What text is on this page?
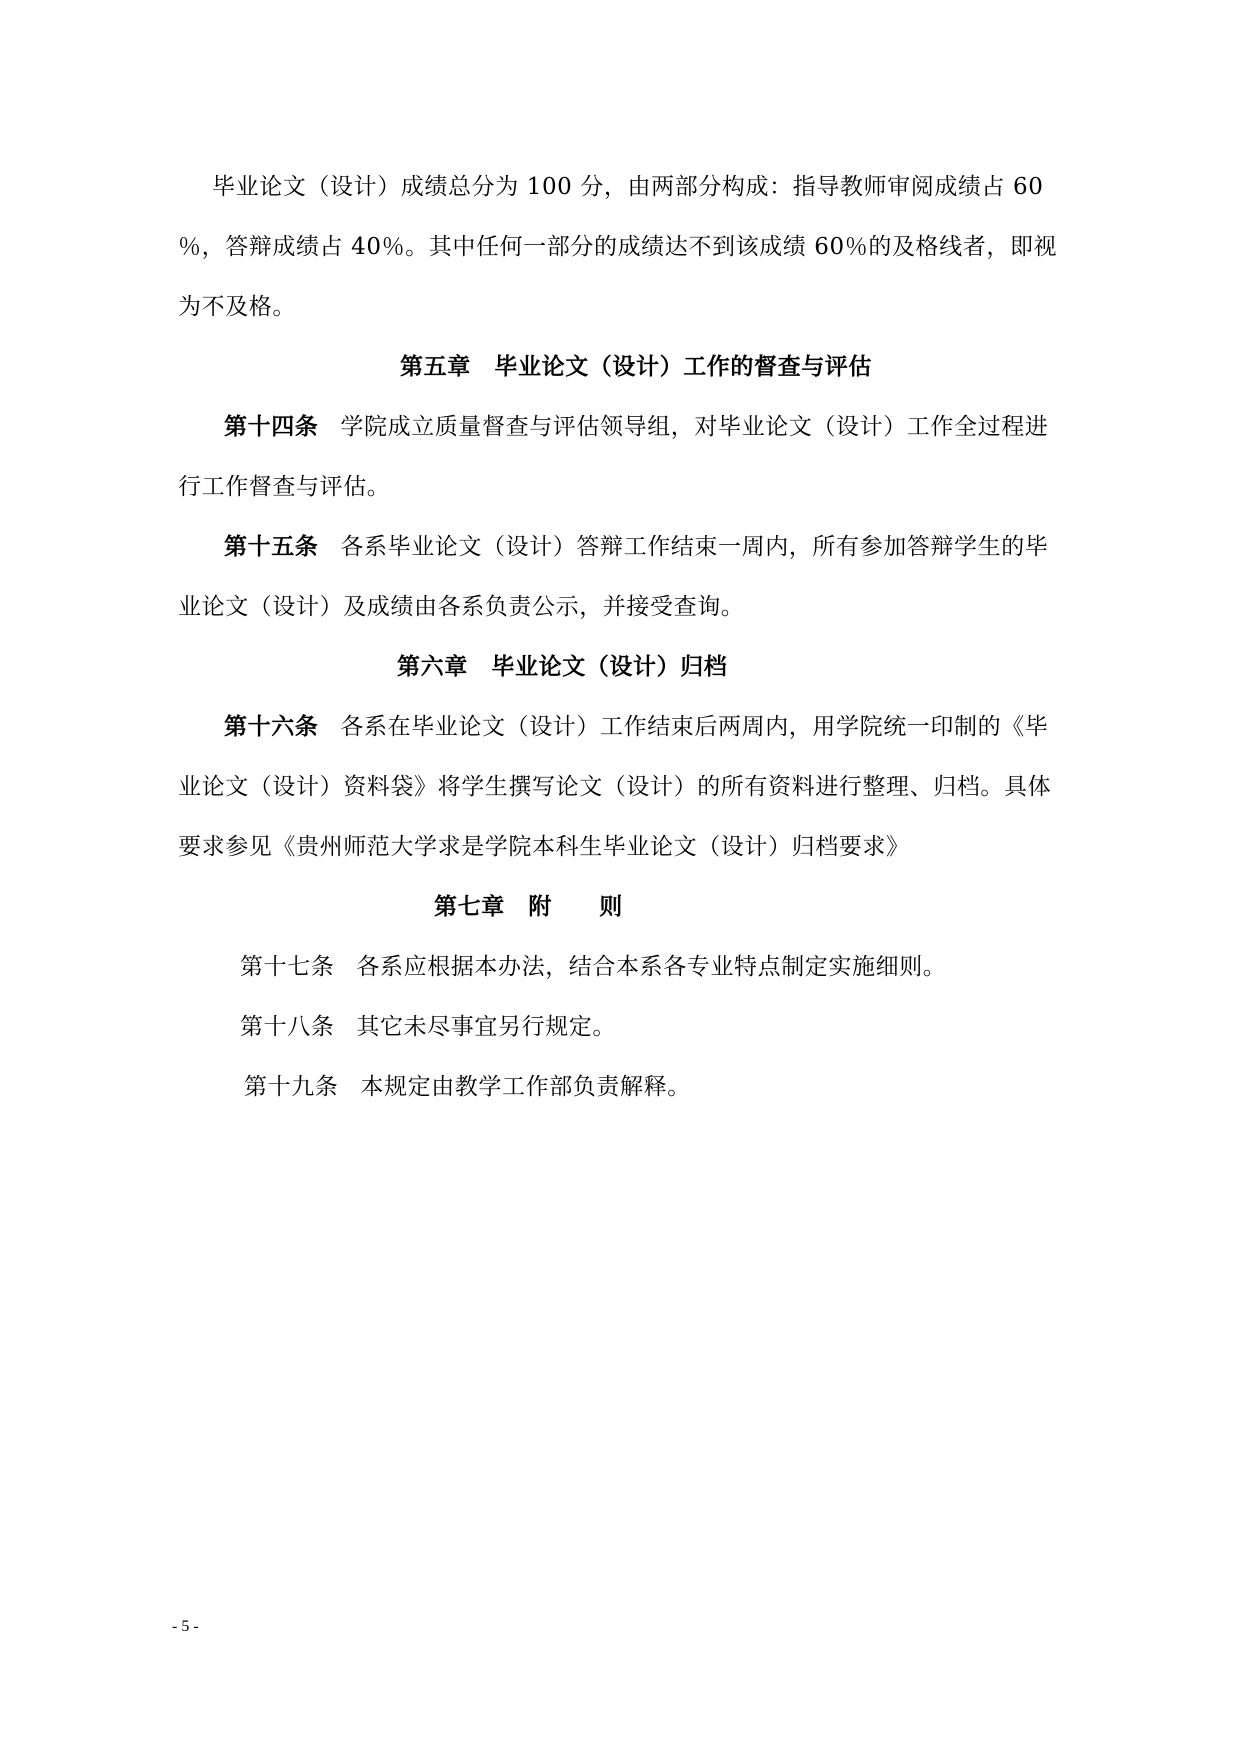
毕业论文（设计）成绩总分为 100 分，由两部分构成：指导教师审阅成绩占 60
％，答辩成绩占 40％。其中任何一部分的成绩达不到该成绩 60％的及格线者，即视
为不及格。
第五章　毕业论文（设计）工作的督查与评估
第十四条 学院成立质量督查与评估领导组，对毕业论文（设计）工作全过程进
行工作督查与评估。
第十五条 各系毕业论文（设计）答辩工作结束一周内，所有参加答辩学生的毕
业论文（设计）及成绩由各系负责公示，并接受查询。
第六章　毕业论文（设计）归档
第十六条 各系在毕业论文（设计）工作结束后两周内，用学院统一印制的《毕
业论文（设计）资料袋》将学生撰写论文（设计）的所有资料进行整理、归档。具体
要求参见《贵州师范大学求是学院本科生毕业论文（设计）归档要求》
第七章　附　　则
第十七条 各系应根据本办法，结合本系各专业特点制定实施细则。
第十八条 其它未尽事宜另行规定。
第十九条 本规定由教学工作部负责解释。
- 5 -
